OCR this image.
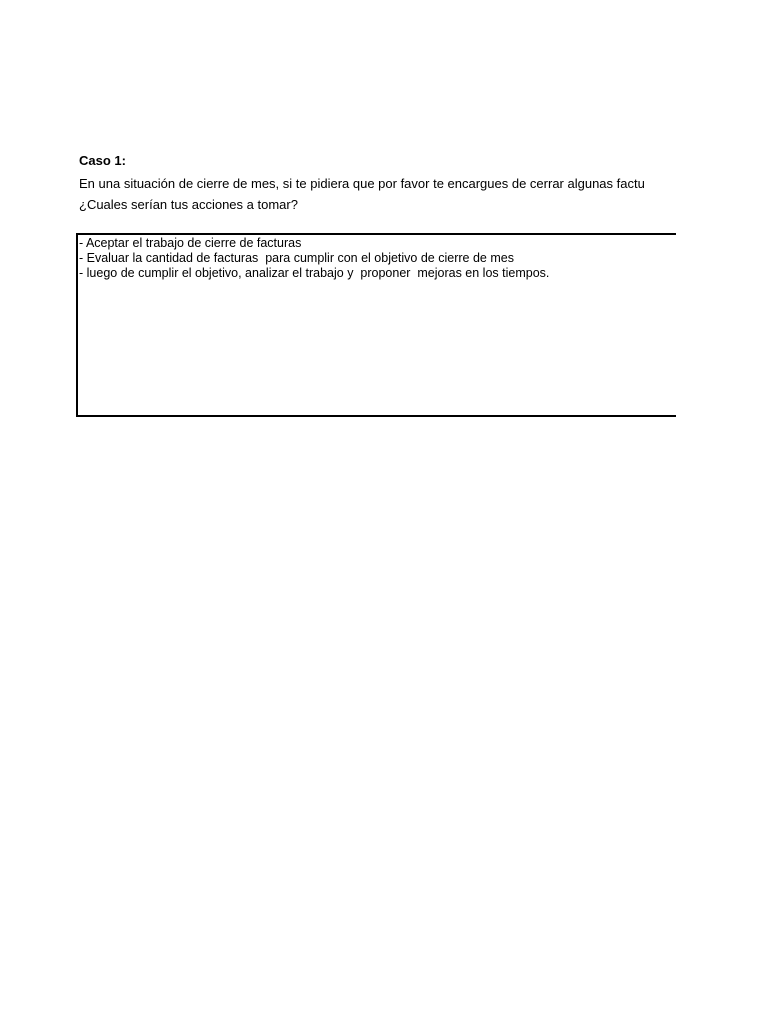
Caso 1:
En una situación de cierre de mes, si te pidiera que por favor te encargues de cerrar algunas factu
¿Cuales serían tus acciones a tomar?
- Aceptar el trabajo de cierre de facturas
- Evaluar la cantidad de facturas  para cumplir con el objetivo de cierre de mes
- luego de cumplir el objetivo, analizar el trabajo y  proponer  mejoras en los tiempos.
